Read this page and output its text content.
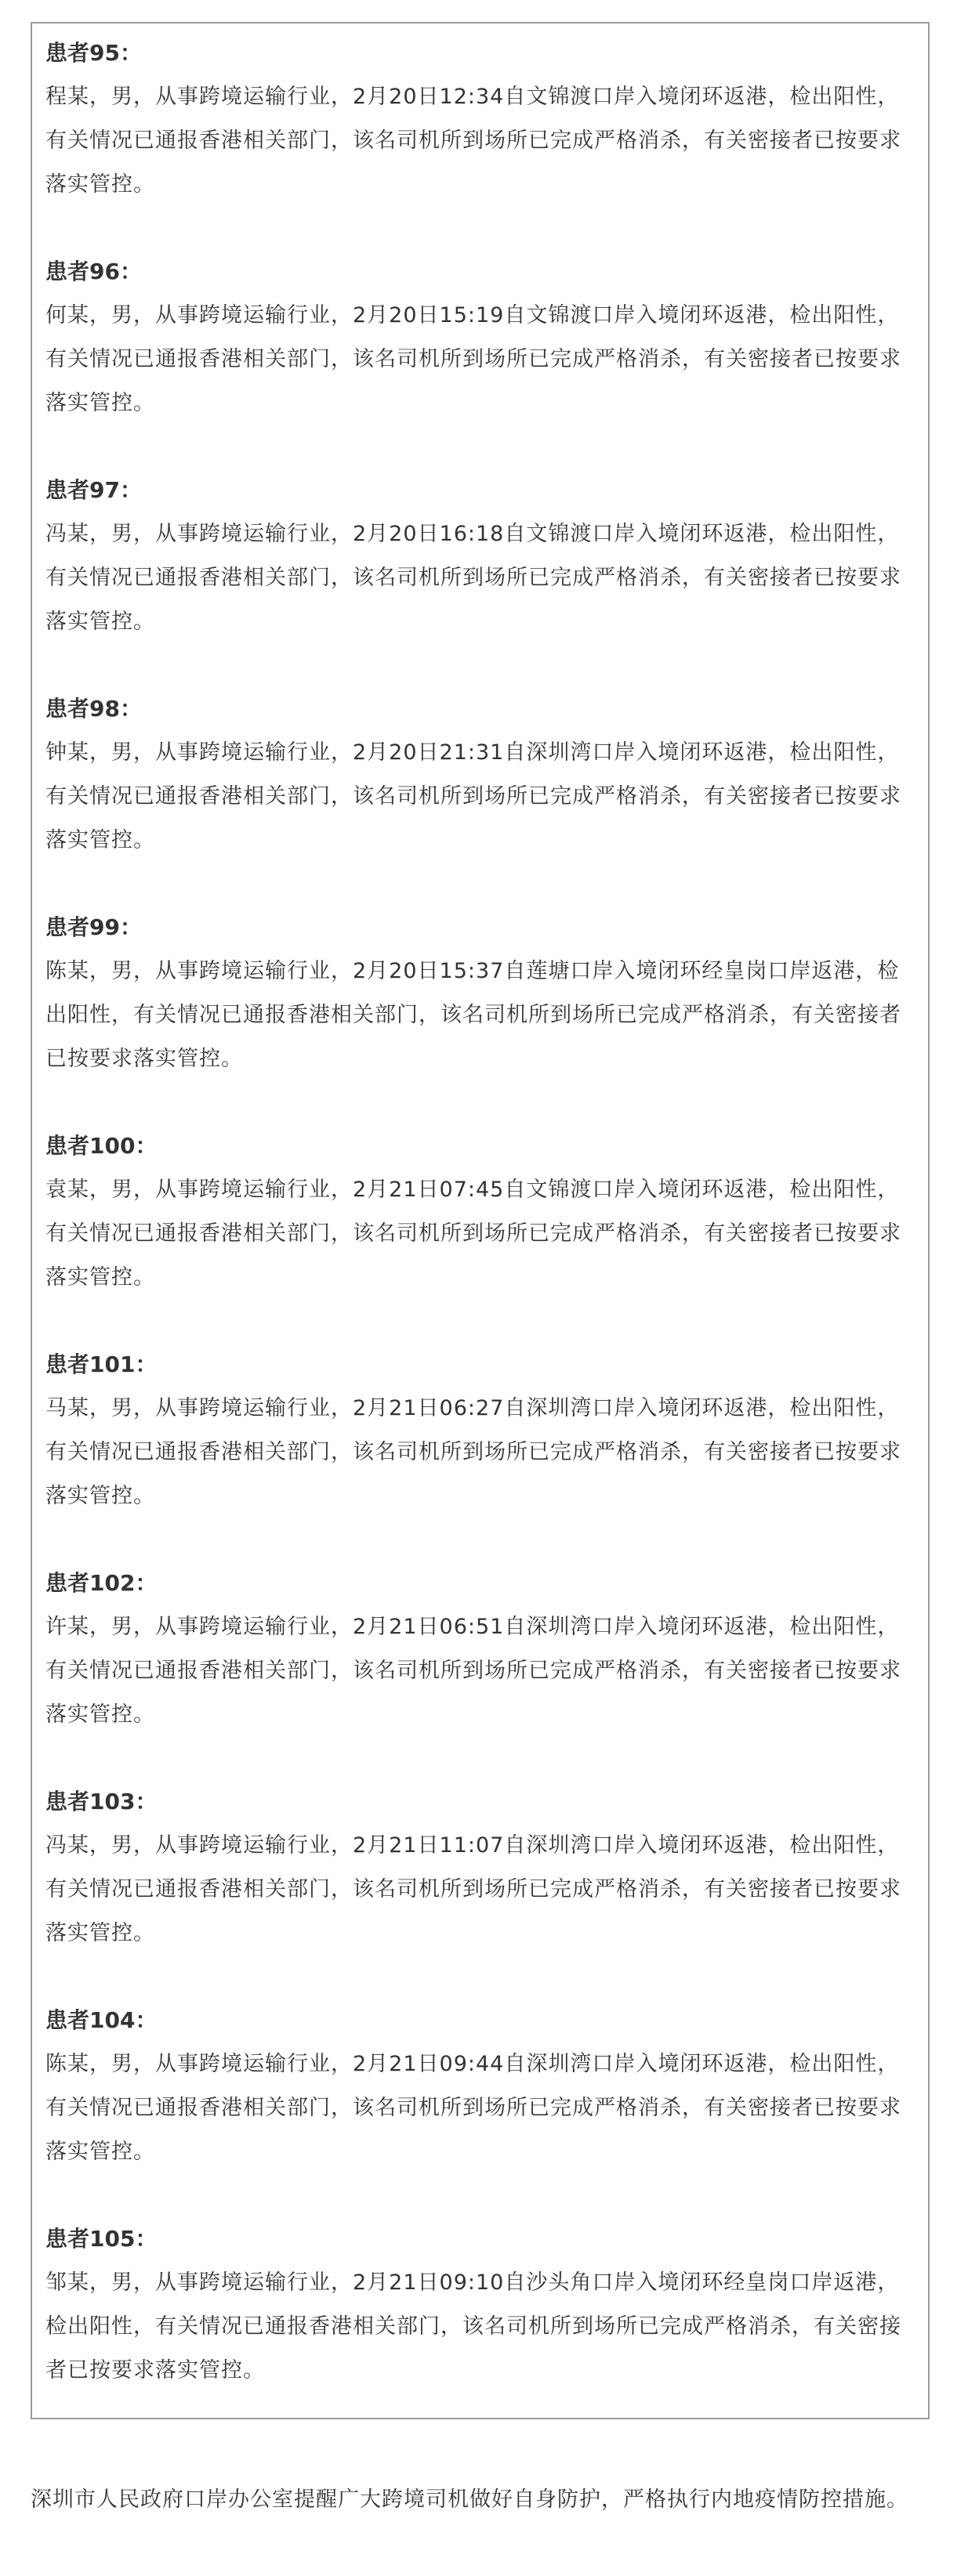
患者95：

程某，男，从事跨境运输行业，2月20日12:34自文锦渡口岸入境闭环返港，检出阳性，有关情况已通报香港相关部门，该名司机所到场所已完成严格消杀，有关密接者已按要求落实管控。

患者96：

何某，男，从事跨境运输行业，2月20日15:19自文锦渡口岸入境闭环返港，检出阳性，有关情况已通报香港相关部门，该名司机所到场所已完成严格消杀，有关密接者已按要求落实管控。

患者97：

冯某，男，从事跨境运输行业，2月20日16:18自文锦渡口岸入境闭环返港，检出阳性，有关情况已通报香港相关部门，该名司机所到场所已完成严格消杀，有关密接者已按要求落实管控。

患者98：

钟某，男，从事跨境运输行业，2月20日21:31自深圳湾口岸入境闭环返港，检出阳性，有关情况已通报香港相关部门，该名司机所到场所已完成严格消杀，有关密接者已按要求落实管控。

患者99：

陈某，男，从事跨境运输行业，2月20日15:37自莲塘口岸入境闭环经皇岗口岸返港，检出阳性，有关情况已通报香港相关部门，该名司机所到场所已完成严格消杀，有关密接者已按要求落实管控。

患者100：

袁某，男，从事跨境运输行业，2月21日07:45自文锦渡口岸入境闭环返港，检出阳性，有关情况已通报香港相关部门，该名司机所到场所已完成严格消杀，有关密接者已按要求落实管控。

患者101：

马某，男，从事跨境运输行业，2月21日06:27自深圳湾口岸入境闭环返港，检出阳性，有关情况已通报香港相关部门，该名司机所到场所已完成严格消杀，有关密接者已按要求落实管控。

患者102：

许某，男，从事跨境运输行业，2月21日06:51自深圳湾口岸入境闭环返港，检出阳性，有关情况已通报香港相关部门，该名司机所到场所已完成严格消杀，有关密接者已按要求落实管控。

患者103：

冯某，男，从事跨境运输行业，2月21日11:07自深圳湾口岸入境闭环返港，检出阳性，有关情况已通报香港相关部门，该名司机所到场所已完成严格消杀，有关密接者已按要求落实管控。

患者104：

陈某，男，从事跨境运输行业，2月21日09:44自深圳湾口岸入境闭环返港，检出阳性，有关情况已通报香港相关部门，该名司机所到场所已完成严格消杀，有关密接者已按要求落实管控。

患者105：

邹某，男，从事跨境运输行业，2月21日09:10自沙头角口岸入境闭环经皇岗口岸返港，检出阳性，有关情况已通报香港相关部门，该名司机所到场所已完成严格消杀，有关密接者已按要求落实管控。

深圳市人民政府口岸办公室提醒广大跨境司机做好自身防护，严格执行内地疫情防控措施。
